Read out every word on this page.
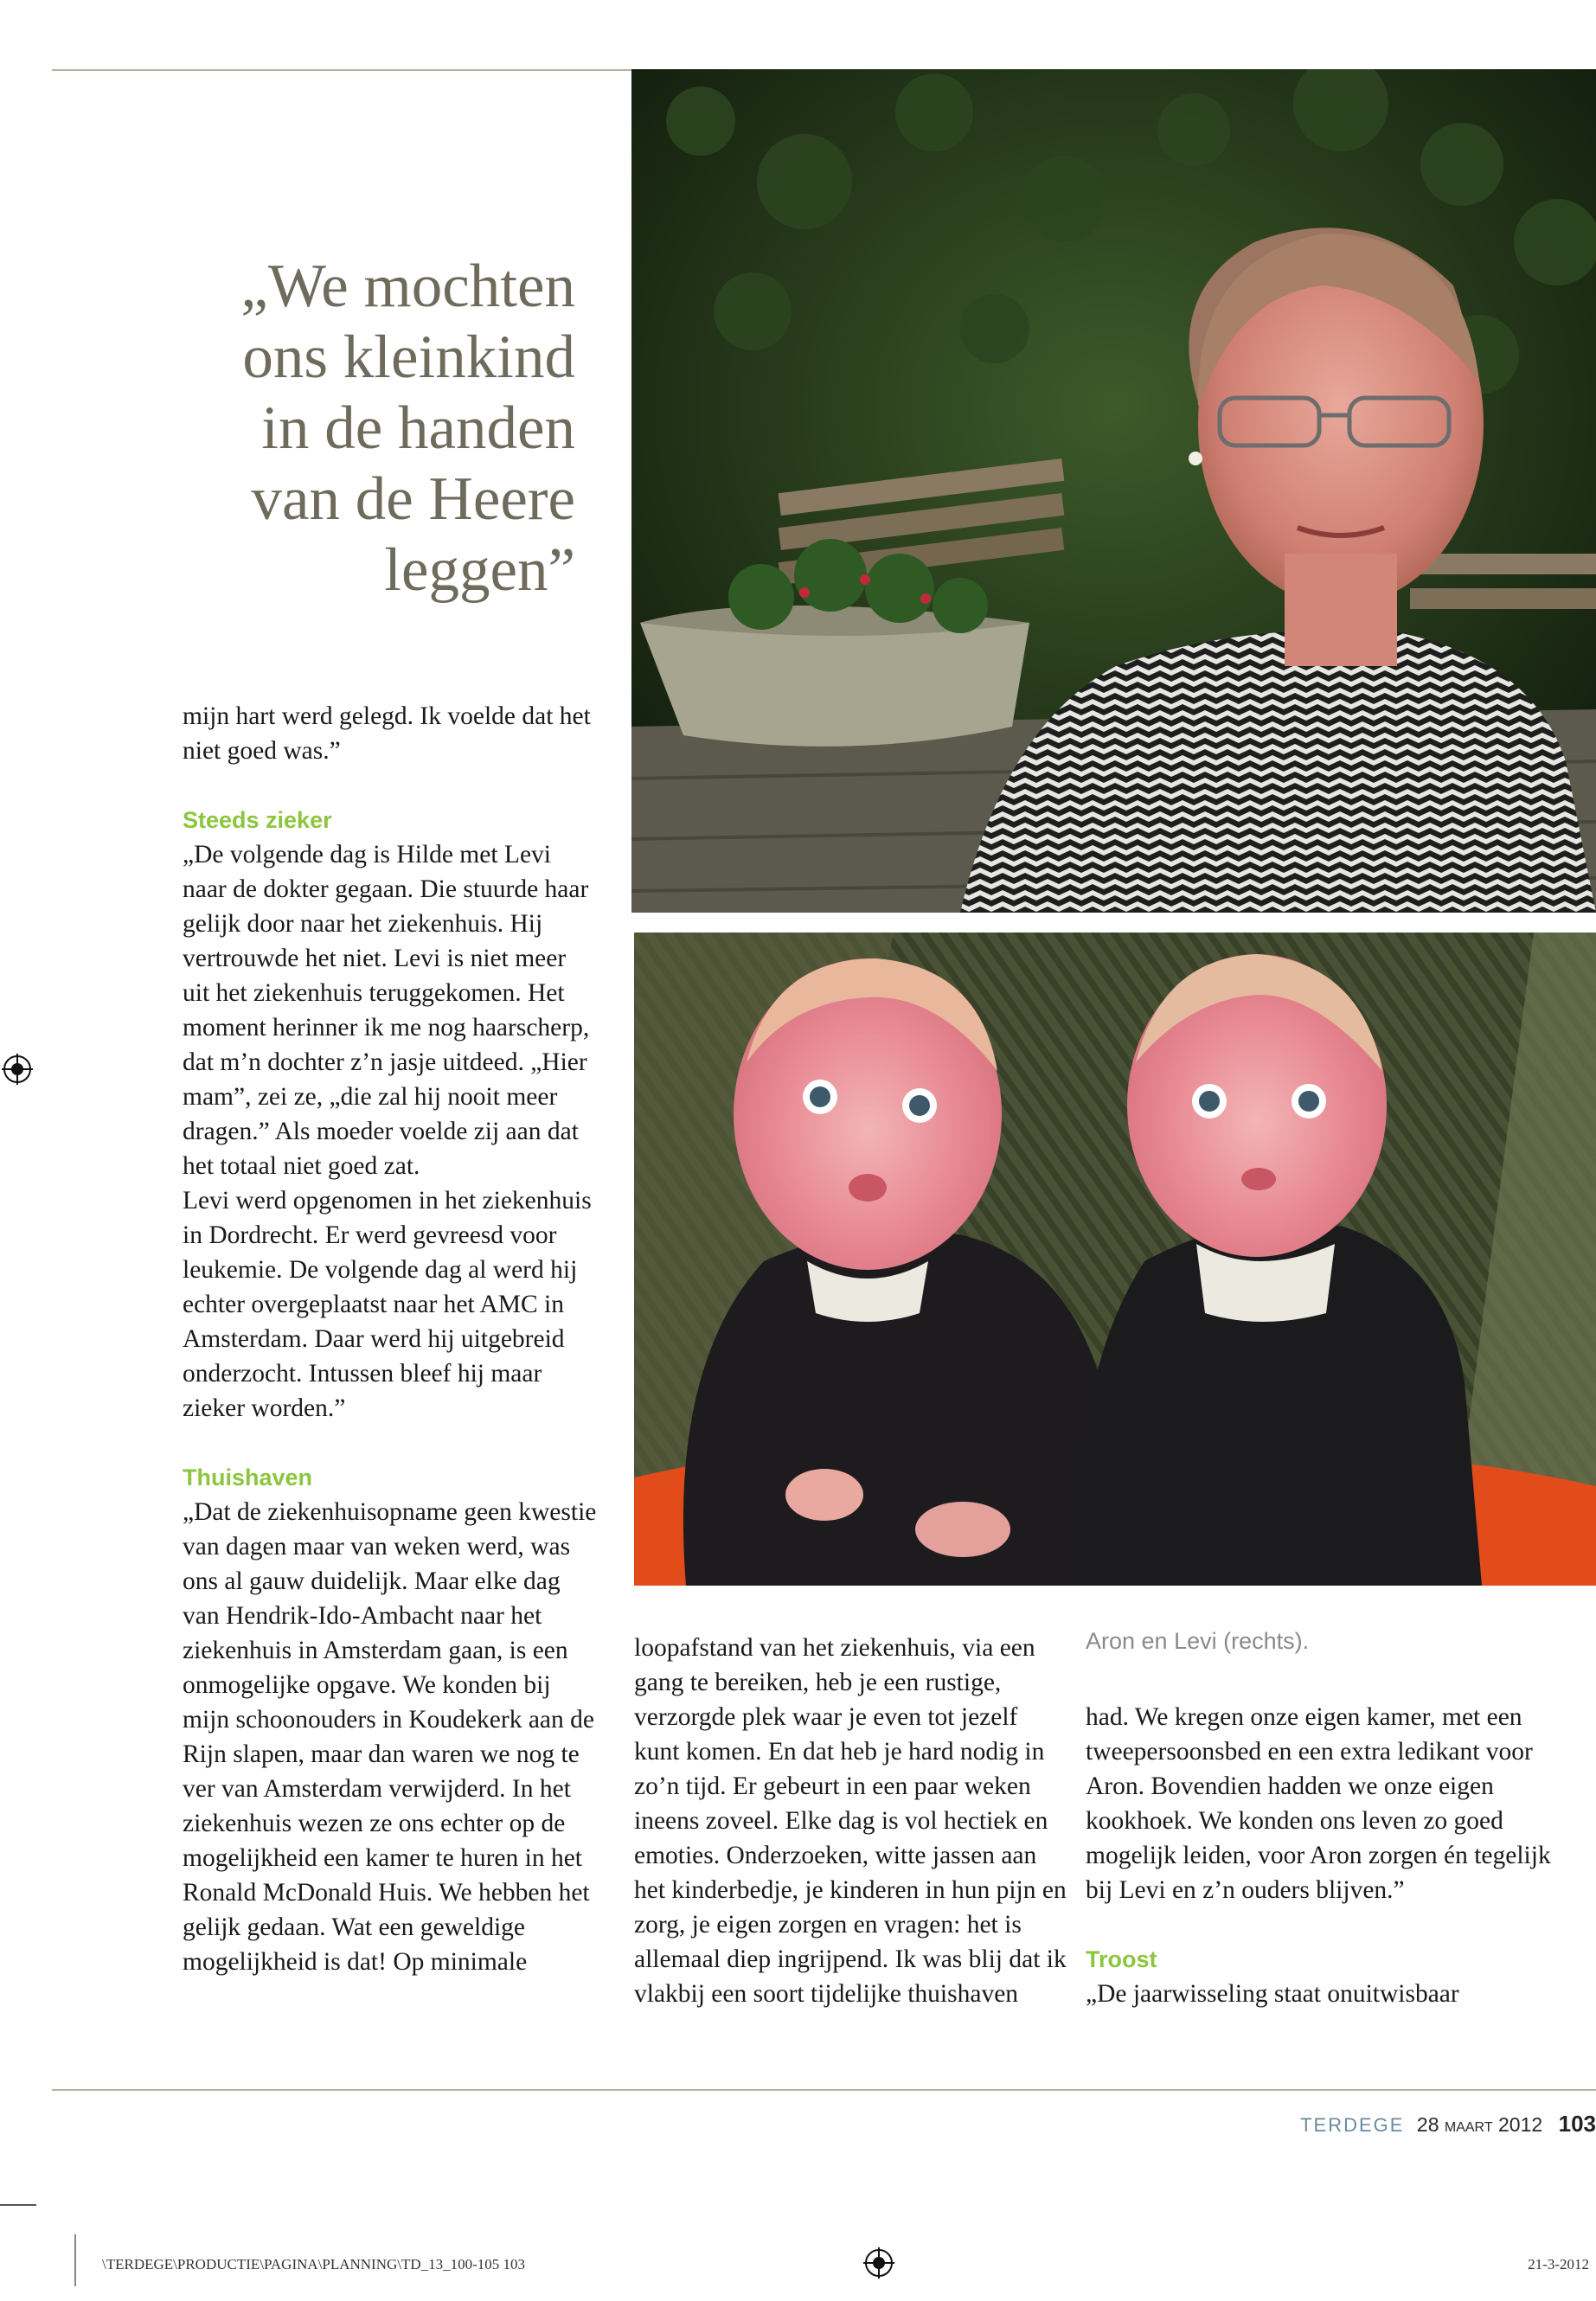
„We mochten
ons kleinkind
in de handen
van de Heere
leggen”

mijn hart werd gelegd. Ik voelde dat het niet goed was.”

Steeds zieker

„De volgende dag is Hilde met Levi naar de dokter gegaan. Die stuurde haar gelijk door naar het ziekenhuis. Hij vertrouwde het niet. Levi is niet meer uit het ziekenhuis teruggekomen. Het moment herinner ik me nog haarscherp, dat m’n dochter z’n jasje uitdeed. „Hier mam”, zei ze, „die zal hij nooit meer dragen.” Als moeder voelde zij aan dat het totaal niet goed zat.

Levi werd opgenomen in het ziekenhuis in Dordrecht. Er werd gevreesd voor leukemie. De volgende dag al werd hij echter overgeplaatst naar het AMC in Amsterdam. Daar werd hij uitgebreid onderzocht. Intussen bleef hij maar zieker worden.”

Thuishaven

„Dat de ziekenhuisopname geen kwestie van dagen maar van weken werd, was ons al gauw duidelijk. Maar elke dag van Hendrik-Ido-Ambacht naar het ziekenhuis in Amsterdam gaan, is een onmogelijke opgave. We konden bij mijn schoonouders in Koudekerk aan de Rijn slapen, maar dan waren we nog te ver van Amsterdam verwijderd. In het ziekenhuis wezen ze ons echter op de mogelijkheid een kamer te huren in het Ronald McDonald Huis. We hebben het gelijk gedaan. Wat een geweldige mogelijkheid is dat! Op minimale

loopafstand van het ziekenhuis, via een gang te bereiken, heb je een rustige, verzorgde plek waar je even tot jezelf kunt komen. En dat heb je hard nodig in zo’n tijd. Er gebeurt in een paar weken ineens zoveel. Elke dag is vol hectiek en emoties. Onderzoeken, witte jassen aan het kinderbedje, je kinderen in hun pijn en zorg, je eigen zorgen en vragen: het is allemaal diep ingrijpend. Ik was blij dat ik vlakbij een soort tijdelijke thuishaven

Aron en Levi (rechts).

had. We kregen onze eigen kamer, met een tweepersoonsbed en een extra ledikant voor Aron. Bovendien hadden we onze eigen kookhoek. We konden ons leven zo goed mogelijk leiden, voor Aron zorgen én tegelijk bij Levi en z’n ouders blijven.”

Troost

„De jaarwisseling staat onuitwisbaar

TERDEGE 28 maart 2012 103
\TERDEGE\PRODUCTIE\PAGINA\PLANNING\TD_13_100-105 103	21-3-2012
